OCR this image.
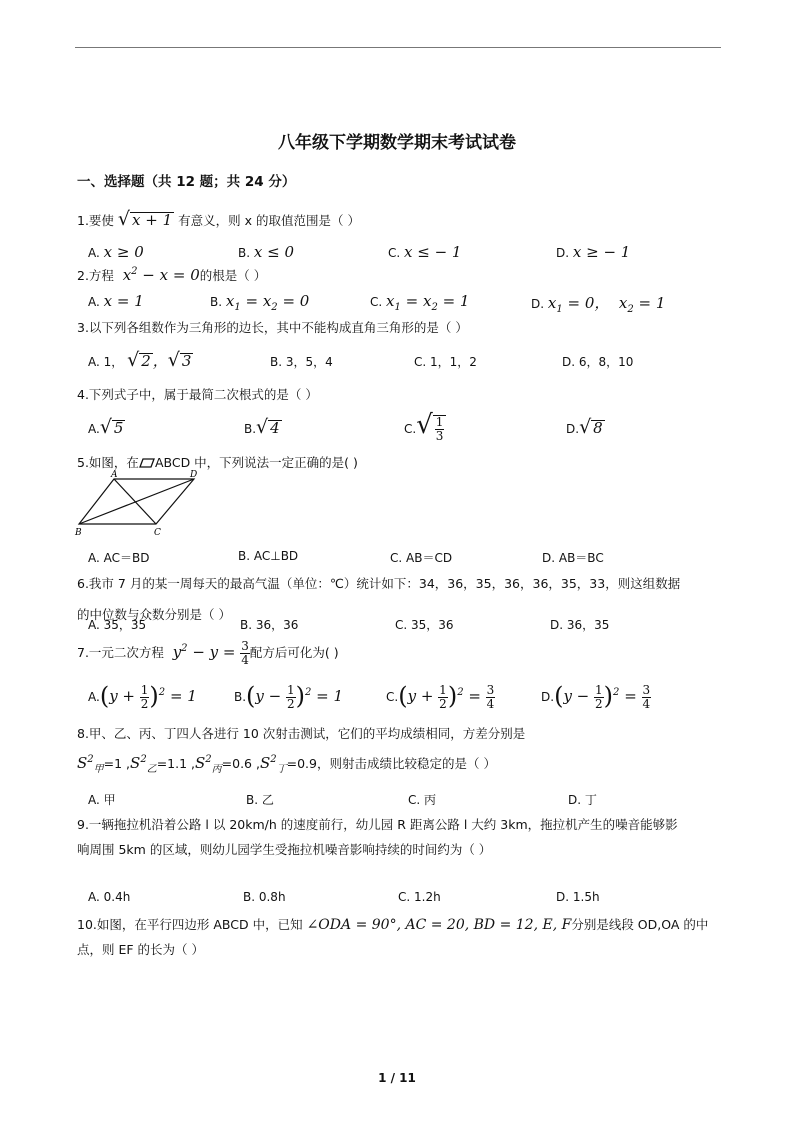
八年级下学期数学期末考试试卷
一、选择题（共 12 题；共 24 分）
1.要使 √ x + 1 有意义，则 x 的取值范围是（ ）
A. x ≥ 0	B. x ≤ 0	C. x ≤ − 1	D. x ≥ − 1
2.方程  $x^2 - x = 0$的根是（ ）
A. x = 1	B. $x_1 = x_2 = 0$	C. $x_1 = x_2 = 1$	D. $x_1 = 0$，  $x_2 = 1$
3.以下列各组数作为三角形的边长，其中不能构成直角三角形的是（ ）
A. 1， √ 2 ，√ 3	B. 3，5，4	C. 1，1，2	D. 6，8，10
4.下列式子中，属于最简二次根式的是（ ）
A.√ 5	B.√ 4	$C.√ \frac{1}{3}$	D.√ 8
5.如图，在 ABCD 中，下列说法一定正确的是( )
A	D
B	C
A. AC＝BD	B. AC⊥BD	C. AB＝CD	D. AB＝BC
6.我市 7 月的某一周每天的最高气温（单位：℃）统计如下：34，36，35，36，36，35，33，则这组数据
的中位数与众数分别是（ ）
A. 35，35	B. 36，36	C. 35，36	D. 36，35
7.一元二次方程  $y^2 - y = \frac{3}{4}$ 配方后可化为( )
$A.(y + \frac{1}{2} )^2 = 1$	$B.(y - \frac{1}{2} )^2 = 1$	$C.(y + \frac{1}{2} )^2 = \frac{3}{4}$	$D.(y - \frac{1}{2} )^2 = \frac{3}{4}$
8.甲、乙、丙、丁四人各进行 10 次射击测试，它们的平均成绩相同，方差分别是
$S^2_甲=1$ $,S^2_乙=1.1$ $,S^2_丙=0.6$ $,S^2_丁=0.9$，则射击成绩比较稳定的是（ ）
A. 甲	B. 乙	C. 丙	D. 丁
9.一辆拖拉机沿着公路 l 以 20km/h 的速度前行，幼儿园 R 距离公路 l 大约 3km，拖拉机产生的噪音能够影
响周围 5km 的区域，则幼儿园学生受拖拉机噪音影响持续的时间约为（ ）
A. 0.4h	B. 0.8h	C. 1.2h	D. 1.5h
10.如图，在平行四边形 ABCD 中，已知 ∠ODA = 90°, AC = 20, BD = 12, E, F分别是线段 OD,OA 的中
点，则 EF 的长为（ ）
1 / 11
